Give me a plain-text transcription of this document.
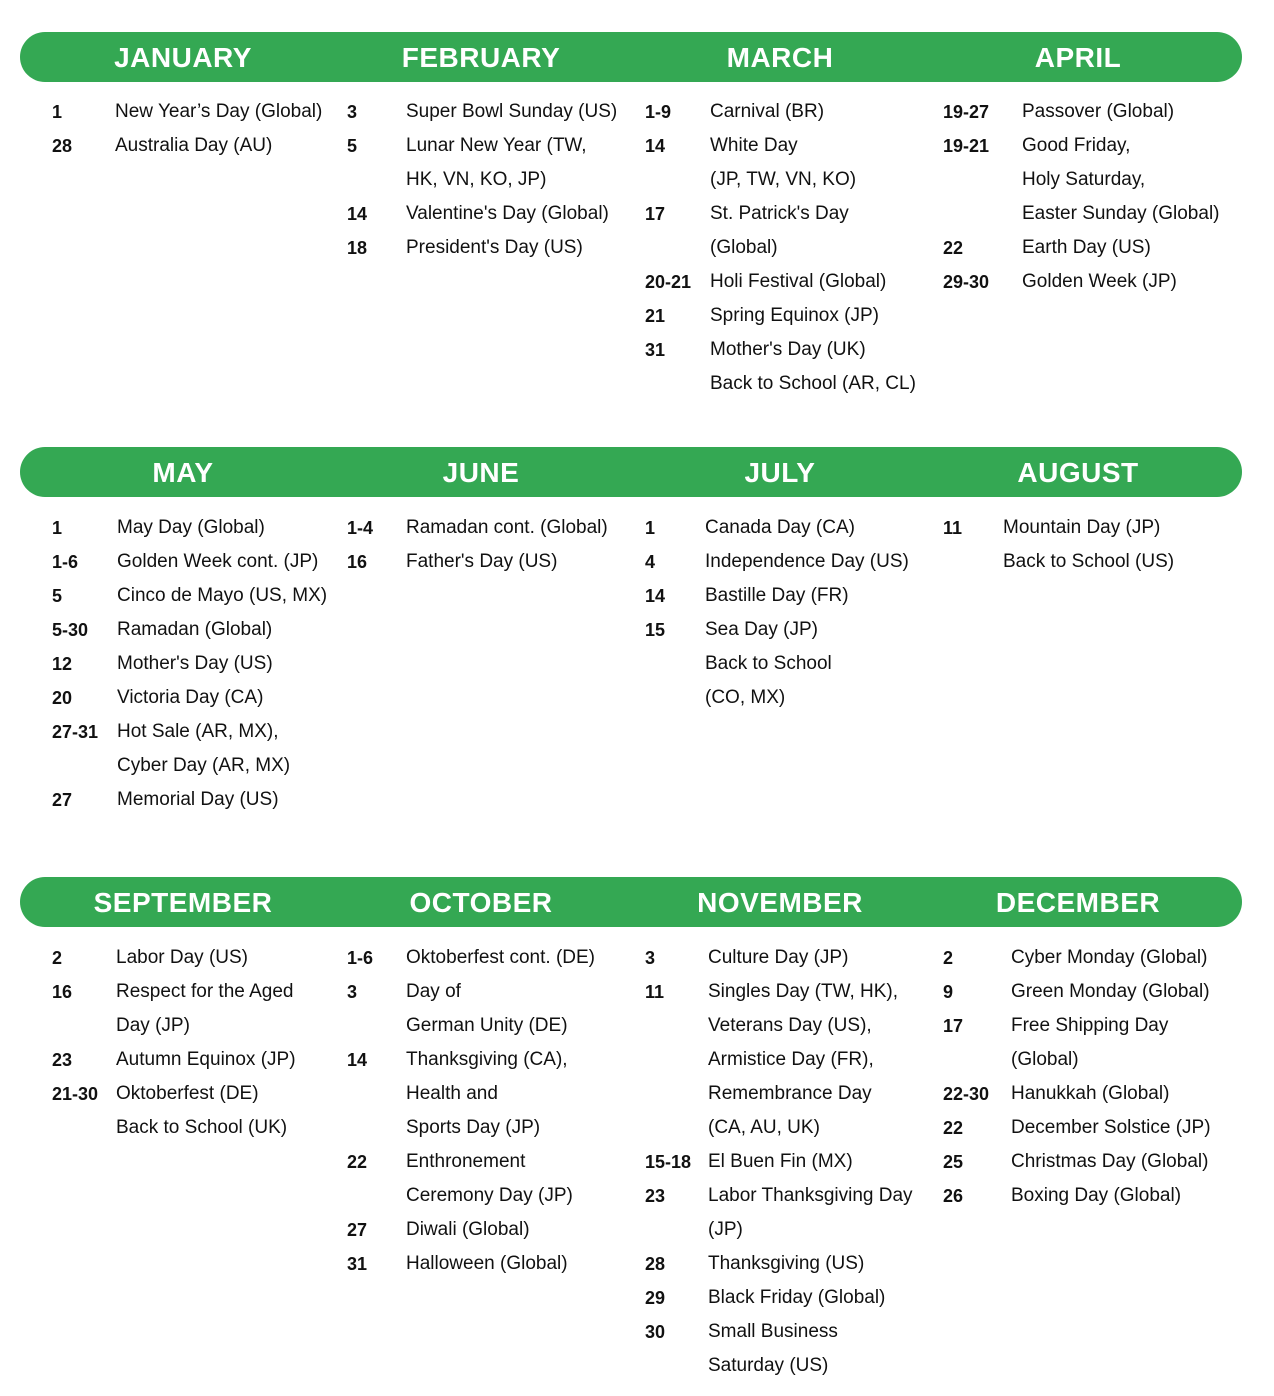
JANUARY	FEBRUARY	MARCH	APRIL
1	New Year’s Day (Global)
28	Australia Day (AU)
3	Super Bowl Sunday (US)
5	Lunar New Year (TW,
HK, VN, KO, JP)
14	Valentine's Day (Global)
18	President's Day (US)
1-9	Carnival (BR)
14	White Day
(JP, TW, VN, KO)
17	St. Patrick's Day
(Global)
20-21 Holi Festival (Global)
21	Spring Equinox (JP)
31	Mother's Day (UK)
Back to School (AR, CL)
19-27	Passover (Global)
19-21	Good Friday,
Holy Saturday,
Easter Sunday (Global)
22	Earth Day (US)
29-30	Golden Week (JP)
MAY	JUNE	JULY	AUGUST
1	May Day (Global)
1-6	Golden Week cont. (JP)
5	Cinco de Mayo (US, MX)
5-30	Ramadan (Global)
12	Mother's Day (US)
20	Victoria Day (CA)
27-31 Hot Sale (AR, MX),
Cyber Day (AR, MX)
27	Memorial Day (US)
1-4	Ramadan cont. (Global)
16	Father's Day (US)
1	Canada Day (CA)
4	Independence Day (US)
14	Bastille Day (FR)
15	Sea Day (JP)
Back to School
(CO, MX)
11	Mountain Day (JP)
Back to School (US)
SEPTEMBER	OCTOBER	NOVEMBER	DECEMBER
2	Labor Day (US)
16	Respect for the Aged
Day (JP)
23	Autumn Equinox (JP)
21-30 Oktoberfest (DE)
Back to School (UK)
1-6	Oktoberfest cont. (DE)
3	Day of
German Unity (DE)
14	Thanksgiving (CA),
Health and
Sports Day (JP)
22	Enthronement
Ceremony Day (JP)
27	Diwali (Global)
31	Halloween (Global)
3	Culture Day (JP)
11	Singles Day (TW, HK),
Veterans Day (US),
Armistice Day (FR),
Remembrance Day
(CA, AU, UK)
15-18 El Buen Fin (MX)
23	Labor Thanksgiving Day
(JP)
28	Thanksgiving (US)
29	Black Friday (Global)
30	Small Business
Saturday (US)
2	Cyber Monday (Global)
9	Green Monday (Global)
17	Free Shipping Day
(Global)
22-30	Hanukkah (Global)
22	December Solstice (JP)
25	Christmas Day (Global)
26	Boxing Day (Global)
